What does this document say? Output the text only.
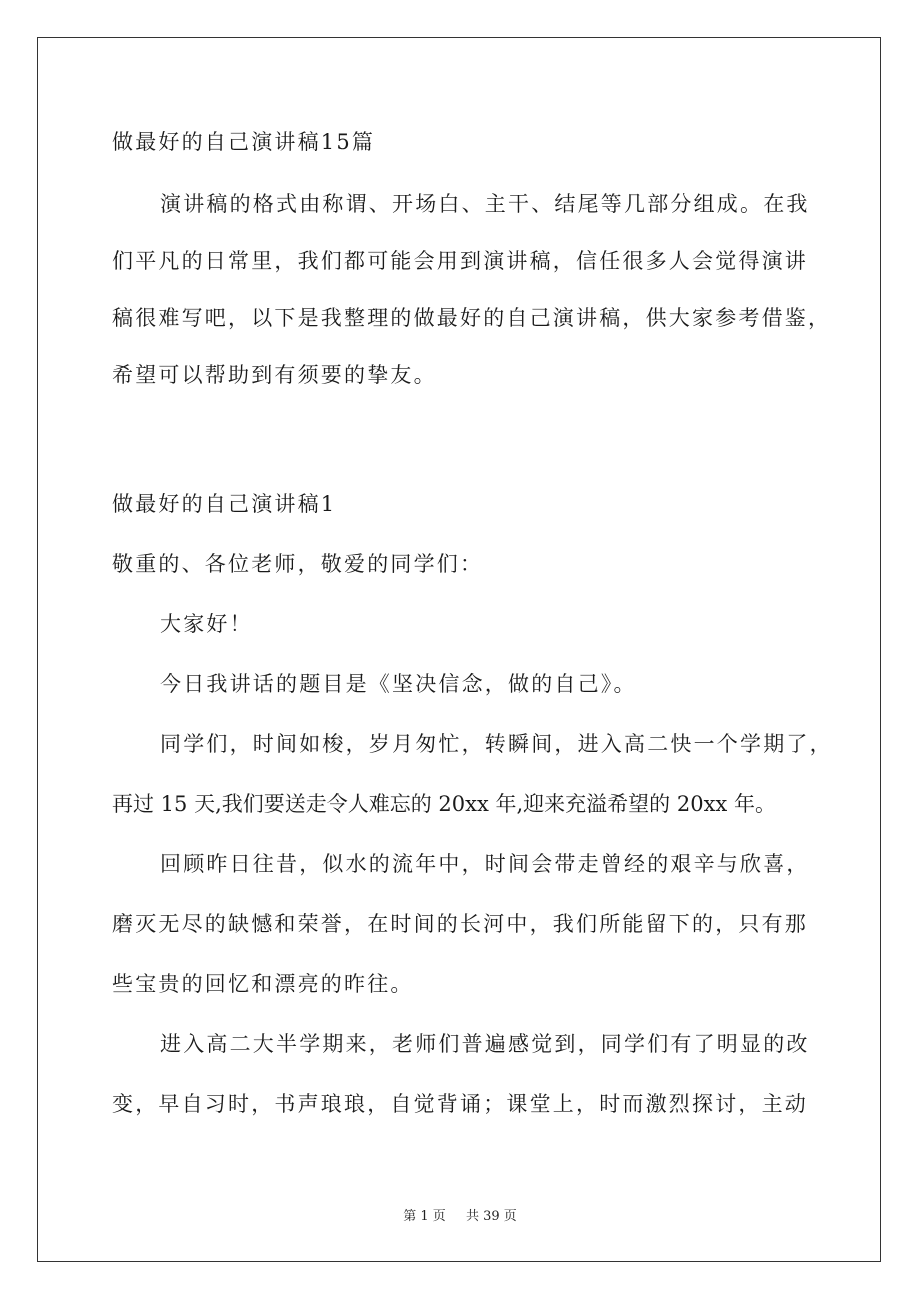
做最好的自己演讲稿15篇
演讲稿的格式由称谓、开场白、主干、结尾等几部分组成。在我
们平凡的日常里，我们都可能会用到演讲稿，信任很多人会觉得演讲
稿很难写吧，以下是我整理的做最好的自己演讲稿，供大家参考借鉴，
希望可以帮助到有须要的挚友。
做最好的自己演讲稿1
敬重的、各位老师，敬爱的同学们：
大家好！
今日我讲话的题目是《坚决信念，做的自己》。
同学们，时间如梭，岁月匆忙，转瞬间，进入高二快一个学期了，
再过 15 天,我们要送走令人难忘的 20xx 年,迎来充溢希望的 20xx 年。
回顾昨日往昔，似水的流年中，时间会带走曾经的艰辛与欣喜，
磨灭无尽的缺憾和荣誉，在时间的长河中，我们所能留下的，只有那
些宝贵的回忆和漂亮的昨往。
进入高二大半学期来，老师们普遍感觉到，同学们有了明显的改
变，早自习时，书声琅琅，自觉背诵；课堂上，时而激烈探讨，主动
第 1 页 共 39 页
